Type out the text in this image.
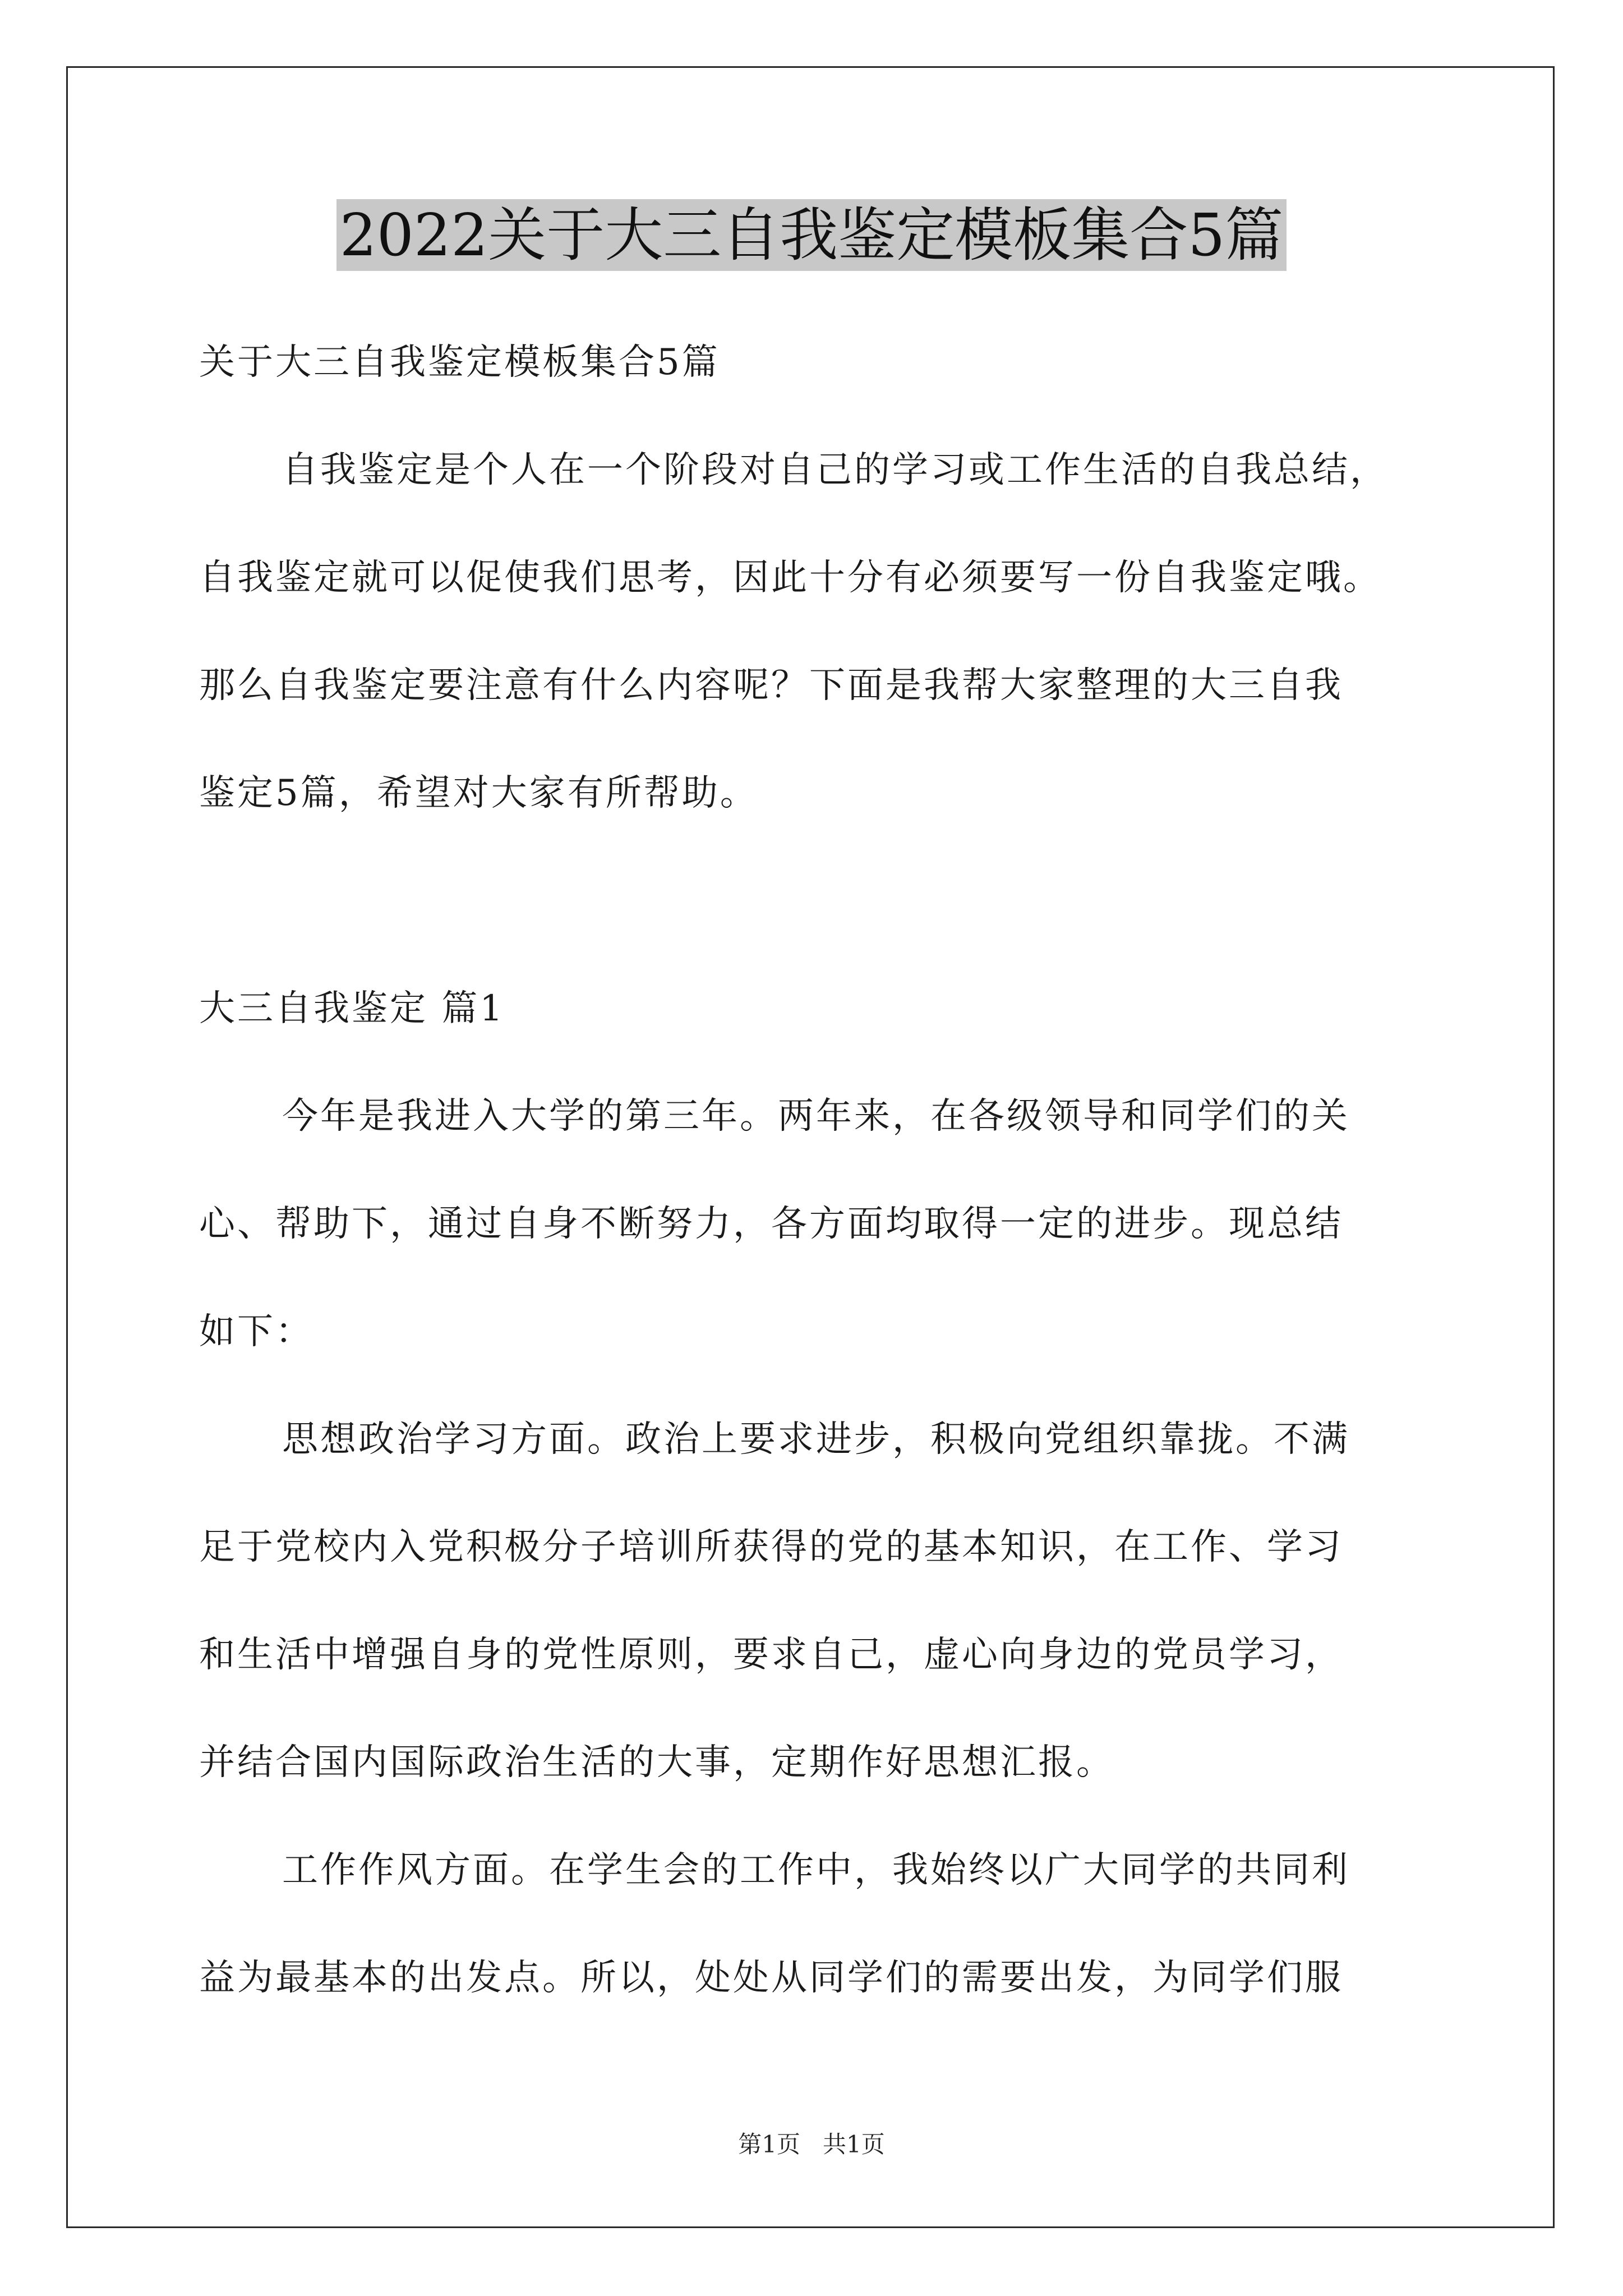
2022关于大三自我鉴定模板集合5篇
关于大三自我鉴定模板集合5篇
自我鉴定是个人在一个阶段对自己的学习或工作生活的自我总结，
自我鉴定就可以促使我们思考，因此十分有必须要写一份自我鉴定哦。
那么自我鉴定要注意有什么内容呢？下面是我帮大家整理的大三自我
鉴定5篇，希望对大家有所帮助。
大三自我鉴定 篇1
今年是我进入大学的第三年。两年来，在各级领导和同学们的关
心、帮助下，通过自身不断努力，各方面均取得一定的进步。现总结
如下：
思想政治学习方面。政治上要求进步，积极向党组织靠拢。不满
足于党校内入党积极分子培训所获得的党的基本知识，在工作、学习
和生活中增强自身的党性原则，要求自己，虚心向身边的党员学习，
并结合国内国际政治生活的大事，定期作好思想汇报。
工作作风方面。在学生会的工作中，我始终以广大同学的共同利
益为最基本的出发点。所以，处处从同学们的需要出发，为同学们服
第1页   共1页
